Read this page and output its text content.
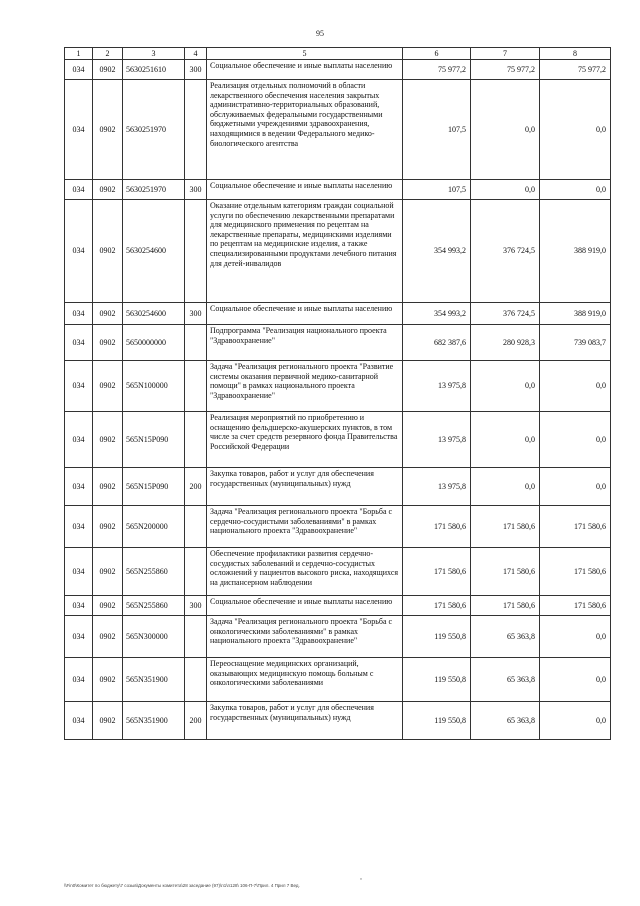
95
1	2	3	4	5	6	7	8
034	0902	5630251610	300	Социальное обеспечение и иные выплаты населению	75 977,2	75 977,2	75 977,2
034	0902	5630251970		Реализация отдельных полномочий в области лекарственного обеспечения населения закрытых административно-территориальных образований, обслуживаемых федеральными государственными бюджетными учреждениями здравоохранения, находящимися в ведении Федерального медико-биологического агентства	107,5	0,0	0,0
034	0902	5630251970	300	Социальное обеспечение и иные выплаты населению	107,5	0,0	0,0
034	0902	5630254600		Оказание отдельным категориям граждан социальной услуги по обеспечению лекарственными препаратами для медицинского применения по рецептам на лекарственные препараты, медицинскими изделиями по рецептам на медицинские изделия, а также специализированными продуктами лечебного питания для детей-инвалидов	354 993,2	376 724,5	388 919,0
034	0902	5630254600	300	Социальное обеспечение и иные выплаты населению	354 993,2	376 724,5	388 919,0
034	0902	5650000000		Подпрограмма "Реализация национального проекта "Здравоохранение"	682 387,6	280 928,3	739 083,7
034	0902	565N100000		Задача "Реализация регионального проекта "Развитие системы оказания первичной медико-санитарной помощи" в рамках национального проекта "Здравоохранение"	13 975,8	0,0	0,0
034	0902	565N15P090		Реализация мероприятий по приобретению и оснащению фельдшерско-акушерских пунктов, в том числе за счет средств резервного фонда Правительства Российской Федерации	13 975,8	0,0	0,0
034	0902	565N15P090	200	Закупка товаров, работ и услуг для обеспечения государственных (муниципальных) нужд	13 975,8	0,0	0,0
034	0902	565N200000		Задача "Реализация регионального проекта "Борьба с сердечно-сосудистыми заболеваниями" в рамках национального проекта "Здравоохранение"	171 580,6	171 580,6	171 580,6
034	0902	565N255860		Обеспечение профилактики развития сердечно-сосудистых заболеваний и сердечно-сосудистых осложнений у пациентов высокого риска, находящихся на диспансерном наблюдении	171 580,6	171 580,6	171 580,6
034	0902	565N255860	300	Социальное обеспечение и иные выплаты населению	171 580,6	171 580,6	171 580,6
034	0902	565N300000		Задача "Реализация регионального проекта "Борьба с онкологическими заболеваниями" в рамках национального проекта "Здравоохранение"	119 550,8	65 363,8	0,0
034	0902	565N351900		Переоснащение медицинских организаций, оказывающих медицинскую помощь больным с онкологическими заболеваниями	119 550,8	65 363,8	0,0
034	0902	565N351900	200	Закупка товаров, работ и услуг для обеспечения государственных (муниципальных) нужд	119 550,8	65 363,8	0,0
*
\\Fin0\Комитет по бюджету\7 созыв\Документы комитета\28 заседание (97)\п1\п128\ 106-П-7\Прил. 4 Прил 7 Вед.
